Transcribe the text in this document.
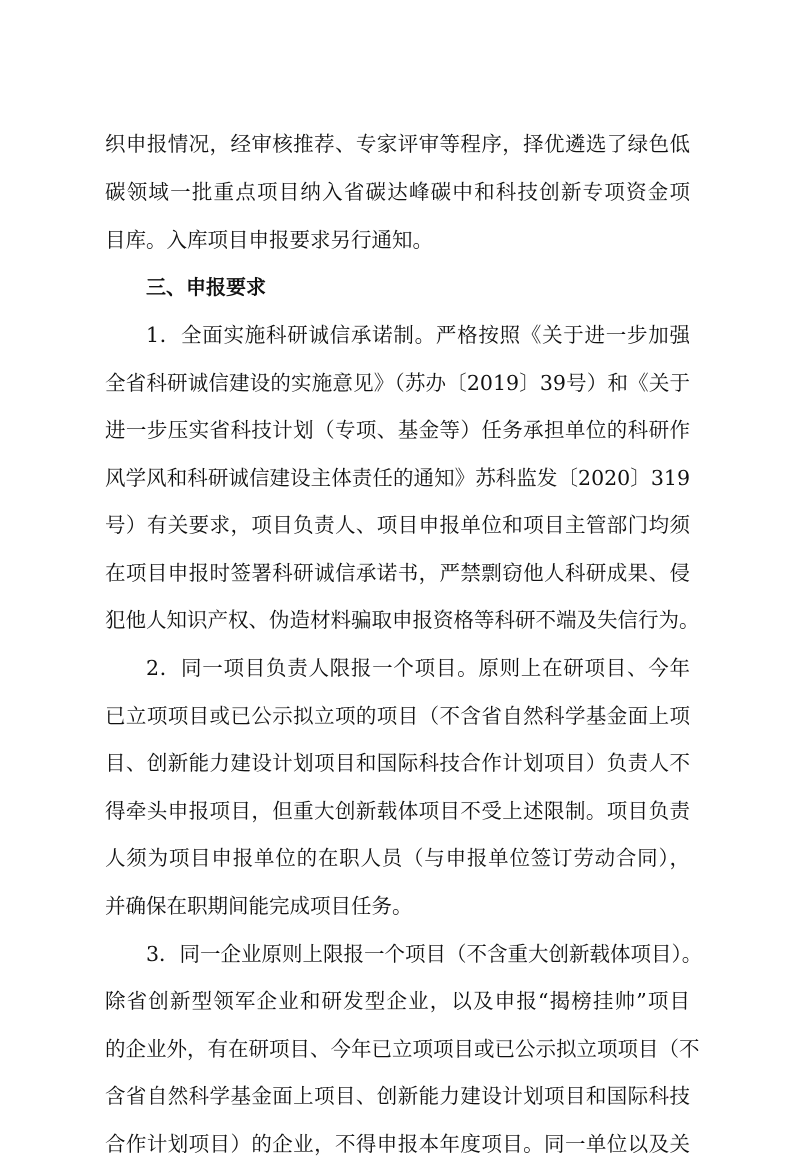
织申报情况，经审核推荐、专家评审等程序，择优遴选了绿色低
碳领域一批重点项目纳入省碳达峰碳中和科技创新专项资金项
目库。入库项目申报要求另行通知。
三、申报要求
1．全面实施科研诚信承诺制。严格按照《关于进一步加强
全省科研诚信建设的实施意见》（苏办〔2019〕39号）和《关于
进一步压实省科技计划（专项、基金等）任务承担单位的科研作
风学风和科研诚信建设主体责任的通知》苏科监发〔2020〕319
号）有关要求，项目负责人、项目申报单位和项目主管部门均须
在项目申报时签署科研诚信承诺书，严禁剽窃他人科研成果、侵
犯他人知识产权、伪造材料骗取申报资格等科研不端及失信行为。
2．同一项目负责人限报一个项目。原则上在研项目、今年
已立项项目或已公示拟立项的项目（不含省自然科学基金面上项
目、创新能力建设计划项目和国际科技合作计划项目）负责人不
得牵头申报项目，但重大创新载体项目不受上述限制。项目负责
人须为项目申报单位的在职人员（与申报单位签订劳动合同），
并确保在职期间能完成项目任务。
3．同一企业原则上限报一个项目（不含重大创新载体项目）。
除省创新型领军企业和研发型企业，以及申报“揭榜挂帅”项目
的企业外，有在研项目、今年已立项项目或已公示拟立项项目（不
含省自然科学基金面上项目、创新能力建设计划项目和国际科技
合作计划项目）的企业，不得申报本年度项目。同一单位以及关
